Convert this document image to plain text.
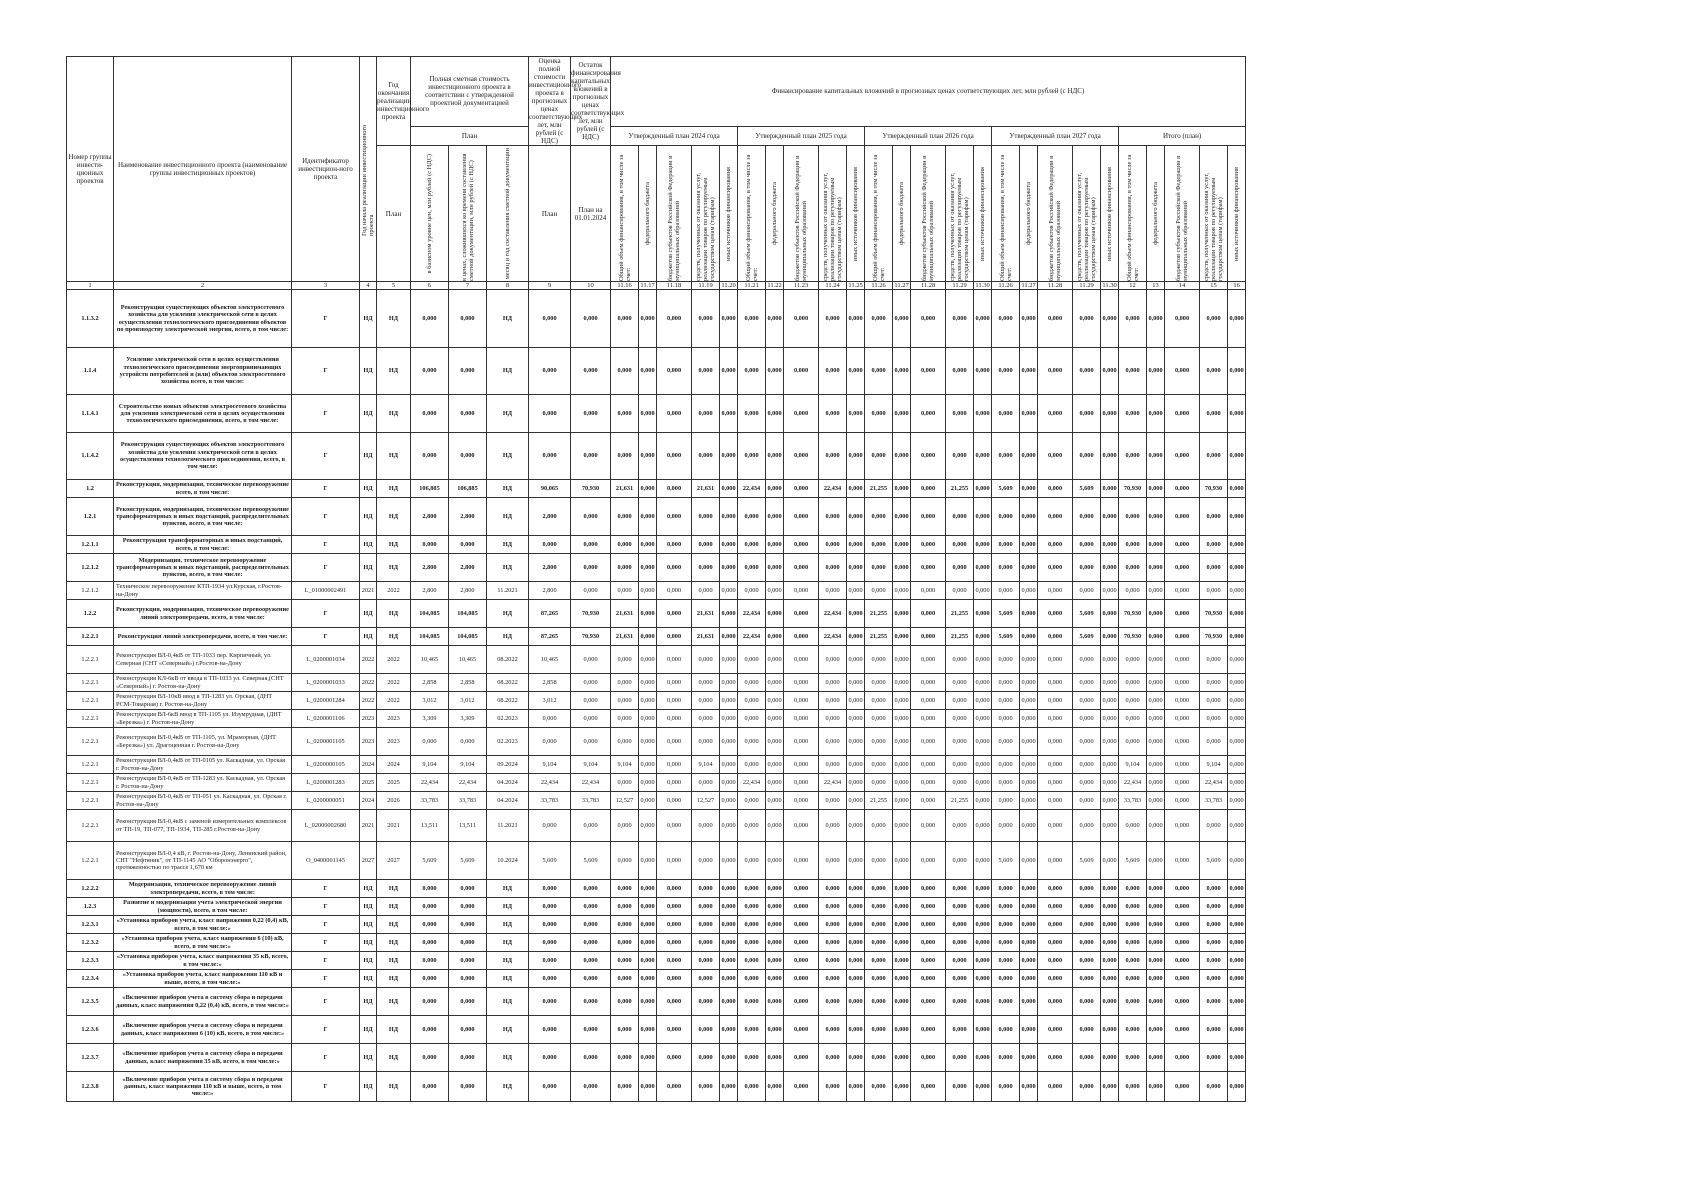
Номер группы инвести-ционных проектов	Наименование инвестиционного проекта (наименование группы инвестиционных проектов)	Идентификатор инвестицион-ного проекта	Год начала реализации инвестиционного проекта	Год окончания реализации инвестиционного проекта	Полная сметная стоимость инвестиционного проекта в соответствии с утвержденной проектной документацией			Оценка полной стоимости инвестиционного проекта в прогнозных ценах соответствующих лет, млн рублей (с НДС)	Остаток финансирования капитальных вложений в прогнозных ценах соответствующих лет, млн рублей (с НДС)	Финансирование капитальных вложений в прогнозных ценах соответствующих лет, млн рублей (с НДС)																								
					План					Утвержденный план 2024 года					Утвержденный план 2025 года					Утвержденный план 2026 года					Утвержденный план 2027 года					Итого (план)				
				План	в базисном уровне цен, млн рублей (с НДС)	в ценах, сложившихся ко времени составления сметной документации, млн рублей (с НДС)	месяц и год составления сметной документации	План	План на 01.01.2024	Общий объем финансирования, в том числе за счет:	федерального бюджета	бюджетов субъектов Российской Федерации и муниципальных образований	средств, полученных от оказания услуг, реализации товаров по регулируемым государством ценам (тарифам)	иных источников финансирования	Общий объем финансирования, в том числе за счет:	федерального бюджета	бюджетов субъектов Российской Федерации и муниципальных образований	средств, полученных от оказания услуг, реализации товаров по регулируемым государством ценам (тарифам)	иных источников финансирования	Общий объем финансирования, в том числе за счет:	федерального бюджета	бюджетов субъектов Российской Федерации и муниципальных образований	средств, полученных от оказания услуг, реализации товаров по регулируемым государством ценам (тарифам)	иных источников финансирования	Общий объем финансирования, в том числе за счет:	федерального бюджета	бюджетов субъектов Российской Федерации и муниципальных образований	средств, полученных от оказания услуг, реализации товаров по регулируемым государством ценам (тарифам)	иных источников финансирования	Общий объем финансирования, в том числе за счет:	федерального бюджета	бюджетов субъектов Российской Федерации и муниципальных образований	средств, полученных от оказания услуг, реализации товаров по регулируемым государством ценам (тарифам)	иных источников финансирования

1	2	3	4	5	6	7	8	9	10	11.16	11.17	11.18	11.19	11.20	11.21	11.22	11.23	11.24	11.25	11.26	11.27	11.28	11.29	11.30	11.26	11.27	11.28	11.29	11.30	12	13	14	15	16
1.1.3.2	Реконструкция существующих объектов электросетевого хозяйства для усиления электрической сети в целях осуществления технологического присоединения объектов по производству электрической энергии, всего, в том числе:	Г	НД	НД	0,000	0,000	НД	0,000	0,000	0,000	0,000	0,000	0,000	0,000	0,000	0,000	0,000	0,000	0,000	0,000	0,000	0,000	0,000	0,000	0,000	0,000	0,000	0,000	0,000	0,000	0,000	0,000	0,000	0,000
1.1.4	Усиление электрической сети в целях осуществления технологического присоединения энергопринимающих устройств потребителей и (или) объектов электросетевого хозяйства всего, в том числе:	Г	НД	НД	0,000	0,000	НД	0,000	0,000	0,000	0,000	0,000	0,000	0,000	0,000	0,000	0,000	0,000	0,000	0,000	0,000	0,000	0,000	0,000	0,000	0,000	0,000	0,000	0,000	0,000	0,000	0,000	0,000	0,000
1.1.4.1	Строительство новых объектов электросетевого хозяйства для усиления электрической сети в целях осуществления технологического присоединения, всего, в том числе:	Г	НД	НД	0,000	0,000	НД	0,000	0,000	0,000	0,000	0,000	0,000	0,000	0,000	0,000	0,000	0,000	0,000	0,000	0,000	0,000	0,000	0,000	0,000	0,000	0,000	0,000	0,000	0,000	0,000	0,000	0,000	0,000
1.1.4.2	Реконструкция существующих объектов электросетевого хозяйства для усиления электрической сети в целях осуществления технологического присоединения, всего, в том числе:	Г	НД	НД	0,000	0,000	НД	0,000	0,000	0,000	0,000	0,000	0,000	0,000	0,000	0,000	0,000	0,000	0,000	0,000	0,000	0,000	0,000	0,000	0,000	0,000	0,000	0,000	0,000	0,000	0,000	0,000	0,000	0,000
1.2	Реконструкция, модернизация, техническое перевооружение всего, в том числе:	Г	НД	НД	106,885	106,885	НД	90,065	70,930	21,631	0,000	0,000	21,631	0,000	22,434	0,000	0,000	22,434	0,000	21,255	0,000	0,000	21,255	0,000	5,609	0,000	0,000	5,609	0,000	70,930	0,000	0,000	70,930	0,000
1.2.1	Реконструкция, модернизация, техническое перевооружение трансформаторных и иных подстанций, распределительных пунктов, всего, в том числе:	Г	НД	НД	2,800	2,800	НД	2,800	0,000	0,000	0,000	0,000	0,000	0,000	0,000	0,000	0,000	0,000	0,000	0,000	0,000	0,000	0,000	0,000	0,000	0,000	0,000	0,000	0,000	0,000	0,000	0,000	0,000	0,000
1.2.1.1	Реконструкция трансформаторных и иных подстанций, всего, в том числе:	Г	НД	НД	0,000	0,000	НД	0,000	0,000	0,000	0,000	0,000	0,000	0,000	0,000	0,000	0,000	0,000	0,000	0,000	0,000	0,000	0,000	0,000	0,000	0,000	0,000	0,000	0,000	0,000	0,000	0,000	0,000	0,000
1.2.1.2	Модернизация, техническое перевооружение трансформаторных и иных подстанций, распределительных пунктов, всего, в том числе:	Г	НД	НД	2,800	2,800	НД	2,800	0,000	0,000	0,000	0,000	0,000	0,000	0,000	0,000	0,000	0,000	0,000	0,000	0,000	0,000	0,000	0,000	0,000	0,000	0,000	0,000	0,000	0,000	0,000	0,000	0,000	0,000
1.2.1.2	Техническое перевооружение КТП-1934 ул.Курская, г.Ростов-на-Дону	L_01000002491	2021	2022	2,800	2,800	11.2021	2,800	0,000	0,000	0,000	0,000	0,000	0,000	0,000	0,000	0,000	0,000	0,000	0,000	0,000	0,000	0,000	0,000	0,000	0,000	0,000	0,000	0,000	0,000	0,000	0,000	0,000	0,000
1.2.2	Реконструкция, модернизация, техническое перевооружение линий электропередачи, всего, в том числе:	Г	НД	НД	104,085	104,085	НД	87,265	70,930	21,631	0,000	0,000	21,631	0,000	22,434	0,000	0,000	22,434	0,000	21,255	0,000	0,000	21,255	0,000	5,609	0,000	0,000	5,609	0,000	70,930	0,000	0,000	70,930	0,000
1.2.2.1	Реконструкция линий электропередачи, всего, в том числе:	Г	НД	НД	104,085	104,085	НД	87,265	70,930	21,631	0,000	0,000	21,631	0,000	22,434	0,000	0,000	22,434	0,000	21,255	0,000	0,000	21,255	0,000	5,609	0,000	0,000	5,609	0,000	70,930	0,000	0,000	70,930	0,000
1.2.2.1	Реконструкция ВЛ-0,4кВ от ТП-1033 пер. Кирпичный, ул. Северная (СНТ «Северный») г.Ростов-на-Дону	L_0200001034	2022	2022	10,465	10,465	08.2022	10,465	0,000	0,000	0,000	0,000	0,000	0,000	0,000	0,000	0,000	0,000	0,000	0,000	0,000	0,000	0,000	0,000	0,000	0,000	0,000	0,000	0,000	0,000	0,000	0,000	0,000	0,000
1.2.2.1	Реконструкция КЛ-6кВ от ввода в ТП-1033 ул. Северная,(СНТ «Северный») г. Ростов-на-Дону	L_0200001033	2022	2022	2,858	2,858	08.2022	2,858	0,000	0,000	0,000	0,000	0,000	0,000	0,000	0,000	0,000	0,000	0,000	0,000	0,000	0,000	0,000	0,000	0,000	0,000	0,000	0,000	0,000	0,000	0,000	0,000	0,000	0,000
1.2.2.1	Реконструкция ВЛ-10кВ ввод в ТП-1283 ул. Орская, (ДНТ РСМ-Товарная) г. Ростов-на-Дону	L_0200001284	2022	2022	3,012	3,012	08.2022	3,012	0,000	0,000	0,000	0,000	0,000	0,000	0,000	0,000	0,000	0,000	0,000	0,000	0,000	0,000	0,000	0,000	0,000	0,000	0,000	0,000	0,000	0,000	0,000	0,000	0,000	0,000
1.2.2.1	Реконструкция ВЛ-6кВ ввод в ТП-1105 ул. Изумрудная, (ДНТ «Березка») г. Ростов-на-Дону	L_0200001106	2023	2023	3,309	3,309	02.2023	0,000	0,000	0,000	0,000	0,000	0,000	0,000	0,000	0,000	0,000	0,000	0,000	0,000	0,000	0,000	0,000	0,000	0,000	0,000	0,000	0,000	0,000	0,000	0,000	0,000	0,000	0,000
1.2.2.1	Реконструкция ВЛ-0,4кВ от ТП-1105, ул. Мраморная, (ДНТ «Березка») ул. Драгоценная г. Ростов-на-Дону	L_0200001105	2023	2023	0,000	0,000	02.2023	0,000	0,000	0,000	0,000	0,000	0,000	0,000	0,000	0,000	0,000	0,000	0,000	0,000	0,000	0,000	0,000	0,000	0,000	0,000	0,000	0,000	0,000	0,000	0,000	0,000	0,000	0,000
1.2.2.1	Реконструкция ВЛ-0,4кВ от ТП-0105 ул. Каскадная, ул. Орская г. Ростов-на-Дону	L_0200000105	2024	2024	9,104	9,104	09.2024	9,104	9,104	9,104	0,000	0,000	9,104	0,000	0,000	0,000	0,000	0,000	0,000	0,000	0,000	0,000	0,000	0,000	0,000	0,000	0,000	0,000	0,000	9,104	0,000	0,000	9,104	0,000
1.2.2.1	Реконструкция ВЛ-0,4кВ от ТП-1283 ул. Каскадная, ул. Орская г. Ростов-на-Дону	L_0200001283	2025	2025	22,434	22,434	04.2024	22,434	22,434	0,000	0,000	0,000	0,000	0,000	22,434	0,000	0,000	22,434	0,000	0,000	0,000	0,000	0,000	0,000	0,000	0,000	0,000	0,000	0,000	22,434	0,000	0,000	22,434	0,000
1.2.2.1	Реконструкция ВЛ-0,4кВ от ТП-051 ул. Каскадная, ул. Орская г. Ростов-на-Дону	L_0200000051	2024	2026	33,783	33,783	04.2024	33,783	33,783	12,527	0,000	0,000	12,527	0,000	0,000	0,000	0,000	0,000	0,000	21,255	0,000	0,000	21,255	0,000	0,000	0,000	0,000	0,000	0,000	33,783	0,000	0,000	33,783	0,000
1.2.2.1	Реконструкция ВЛ-0,4кВ с заменой измерительных комплексов от ТП-19, ТП-077, ТП-1934, ТП-285 г.Ростов-на-Дону	L_02000002680	2021	2021	13,511	13,511	11.2021	0,000	0,000	0,000	0,000	0,000	0,000	0,000	0,000	0,000	0,000	0,000	0,000	0,000	0,000	0,000	0,000	0,000	0,000	0,000	0,000	0,000	0,000	0,000	0,000	0,000	0,000	0,000
1.2.2.1	Реконструкция ВЛ-0,4 кВ, г. Ростов-на-Дону, Ленинский район, СНТ "Нефтяник", от ТП-1145 АО "Оборонэнерго", протяженностью по трассе 1,670 км	O_0400001145	2027	2027	5,609	5,609	10.2024	5,609	5,609	0,000	0,000	0,000	0,000	0,000	0,000	0,000	0,000	0,000	0,000	0,000	0,000	0,000	0,000	0,000	5,609	0,000	0,000	5,609	0,000	5,609	0,000	0,000	5,609	0,000
1.2.2.2	Модернизация, техническое перевооружение линий электропередачи, всего, в том числе:	Г	НД	НД	0,000	0,000	НД	0,000	0,000	0,000	0,000	0,000	0,000	0,000	0,000	0,000	0,000	0,000	0,000	0,000	0,000	0,000	0,000	0,000	0,000	0,000	0,000	0,000	0,000	0,000	0,000	0,000	0,000	0,000
1.2.3	Развитие и модернизация учета электрической энергии (мощности), всего, в том числе:	Г	НД	НД	0,000	0,000	НД	0,000	0,000	0,000	0,000	0,000	0,000	0,000	0,000	0,000	0,000	0,000	0,000	0,000	0,000	0,000	0,000	0,000	0,000	0,000	0,000	0,000	0,000	0,000	0,000	0,000	0,000	0,000
1.2.3.1	«Установка приборов учета, класс напряжения 0,22 (0,4) кВ, всего, в том числе:»	Г	НД	НД	0,000	0,000	НД	0,000	0,000	0,000	0,000	0,000	0,000	0,000	0,000	0,000	0,000	0,000	0,000	0,000	0,000	0,000	0,000	0,000	0,000	0,000	0,000	0,000	0,000	0,000	0,000	0,000	0,000	0,000
1.2.3.2	«Установка приборов учета, класс напряжения 6 (10) кВ, всего, в том числе:»	Г	НД	НД	0,000	0,000	НД	0,000	0,000	0,000	0,000	0,000	0,000	0,000	0,000	0,000	0,000	0,000	0,000	0,000	0,000	0,000	0,000	0,000	0,000	0,000	0,000	0,000	0,000	0,000	0,000	0,000	0,000	0,000
1.2.3.3	«Установка приборов учета, класс напряжения 35 кВ, всего, в том числе:»	Г	НД	НД	0,000	0,000	НД	0,000	0,000	0,000	0,000	0,000	0,000	0,000	0,000	0,000	0,000	0,000	0,000	0,000	0,000	0,000	0,000	0,000	0,000	0,000	0,000	0,000	0,000	0,000	0,000	0,000	0,000	0,000
1.2.3.4	«Установка приборов учета, класс напряжения 110 кВ и выше, всего, в том числе:»	Г	НД	НД	0,000	0,000	НД	0,000	0,000	0,000	0,000	0,000	0,000	0,000	0,000	0,000	0,000	0,000	0,000	0,000	0,000	0,000	0,000	0,000	0,000	0,000	0,000	0,000	0,000	0,000	0,000	0,000	0,000	0,000
1.2.3.5	«Включение приборов учета в систему сбора и передачи данных, класс напряжения 0,22 (0,4) кВ, всего, в том числе:»	Г	НД	НД	0,000	0,000	НД	0,000	0,000	0,000	0,000	0,000	0,000	0,000	0,000	0,000	0,000	0,000	0,000	0,000	0,000	0,000	0,000	0,000	0,000	0,000	0,000	0,000	0,000	0,000	0,000	0,000	0,000	0,000
1.2.3.6	«Включение приборов учета в систему сбора и передачи данных, класс напряжения 6 (10) кВ, всего, в том числе:»	Г	НД	НД	0,000	0,000	НД	0,000	0,000	0,000	0,000	0,000	0,000	0,000	0,000	0,000	0,000	0,000	0,000	0,000	0,000	0,000	0,000	0,000	0,000	0,000	0,000	0,000	0,000	0,000	0,000	0,000	0,000	0,000
1.2.3.7	«Включение приборов учета в систему сбора и передачи данных, класс напряжения 35 кВ, всего, в том числе:»	Г	НД	НД	0,000	0,000	НД	0,000	0,000	0,000	0,000	0,000	0,000	0,000	0,000	0,000	0,000	0,000	0,000	0,000	0,000	0,000	0,000	0,000	0,000	0,000	0,000	0,000	0,000	0,000	0,000	0,000	0,000	0,000
1.2.3.8	«Включение приборов учета в систему сбора и передачи данных, класс напряжения 110 кВ и выше, всего, в том числе:»	Г	НД	НД	0,000	0,000	НД	0,000	0,000	0,000	0,000	0,000	0,000	0,000	0,000	0,000	0,000	0,000	0,000	0,000	0,000	0,000	0,000	0,000	0,000	0,000	0,000	0,000	0,000	0,000	0,000	0,000	0,000	0,000
